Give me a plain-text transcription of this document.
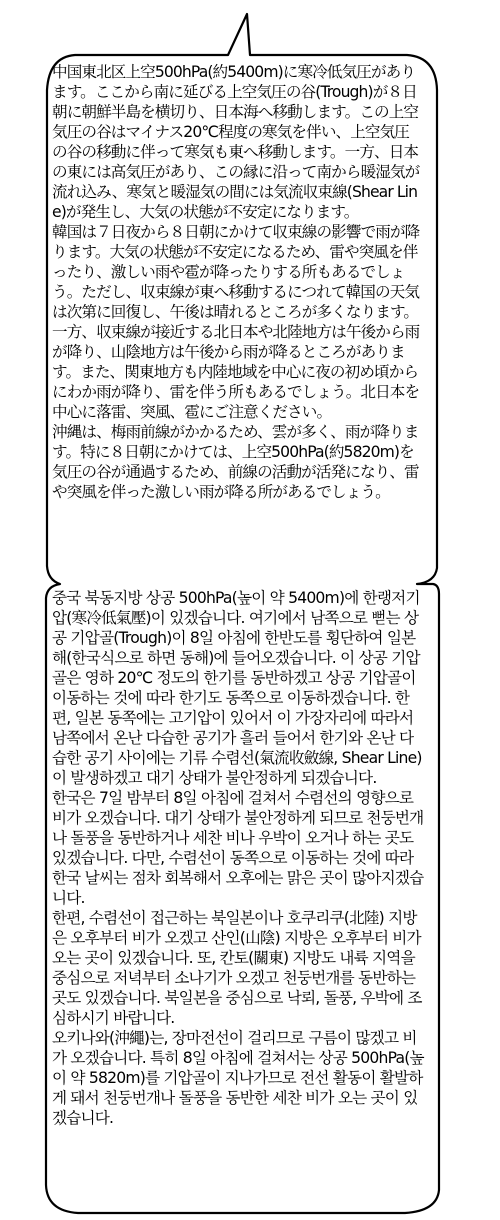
中国東北区上空500hPa(約5400m)に寒冷低気圧があります。ここから南に延びる上空気圧の谷(Trough)が８日朝に朝鮮半島を横切り、日本海へ移動します。この上空気圧の谷はマイナス20℃程度の寒気を伴い、上空気圧の谷の移動に伴って寒気も東へ移動します。一方、日本の東には高気圧があり、この縁に沿って南から暖湿気が流れ込み、寒気と暖湿気の間には気流収束線(Shear Line)が発生し、大気の状態が不安定になります。

韓国は７日夜から８日朝にかけて収束線の影響で雨が降ります。大気の状態が不安定になるため、雷や突風を伴ったり、激しい雨や雹が降ったりする所もあるでしょう。ただし、収束線が東へ移動するにつれて韓国の天気は次第に回復し、午後は晴れるところが多くなります。

一方、収束線が接近する北日本や北陸地方は午後から雨が降り、山陰地方は午後から雨が降るところがあります。また、関東地方も内陸地域を中心に夜の初め頃からにわか雨が降り、雷を伴う所もあるでしょう。北日本を中心に落雷、突風、雹にご注意ください。

沖縄は、梅雨前線がかかるため、雲が多く、雨が降ります。特に８日朝にかけては、上空500hPa(約5820m)を気圧の谷が通過するため、前線の活動が活発になり、雷や突風を伴った激しい雨が降る所があるでしょう。

중국 북동지방 상공 500hPa(높이 약 5400m)에 한랭저기압(寒冷低氣壓)이 있겠습니다. 여기에서 남쪽으로 뻗는 상공 기압골(Trough)이 8일 아침에 한반도를 횡단하여 일본해(한국식으로 하면 동해)에 들어오겠습니다. 이 상공 기압골은 영하 20℃ 정도의 한기를 동반하겠고 상공 기압골이 이동하는 것에 따라 한기도 동쪽으로 이동하겠습니다. 한편, 일본 동쪽에는 고기압이 있어서 이 가장자리에 따라서 남쪽에서 온난 다습한 공기가 흘러 들어서 한기와 온난 다습한 공기 사이에는 기류 수렴선(氣流收斂線, Shear Line)이 발생하겠고 대기 상태가 불안정하게 되겠습니다.

한국은 7일 밤부터 8일 아침에 걸쳐서 수렴선의 영향으로 비가 오겠습니다. 대기 상태가 불안정하게 되므로 천둥번개나 돌풍을 동반하거나 세찬 비나 우박이 오거나 하는 곳도 있겠습니다. 다만, 수렴선이 동쪽으로 이동하는 것에 따라 한국 날씨는 점차 회복해서 오후에는 맑은 곳이 많아지겠습니다.

한편, 수렴선이 접근하는 북일본이나 호쿠리쿠(北陸) 지방은 오후부터 비가 오겠고 산인(山陰) 지방은 오후부터 비가 오는 곳이 있겠습니다. 또, 칸토(關東) 지방도 내륙 지역을 중심으로 저녁부터 소나기가 오겠고 천둥번개를 동반하는 곳도 있겠습니다. 북일본을 중심으로 낙뢰, 돌풍, 우박에 조심하시기 바랍니다.

오키나와(沖繩)는, 장마전선이 걸리므로 구름이 많겠고 비가 오겠습니다. 특히 8일 아침에 걸쳐서는 상공 500hPa(높이 약 5820m)를 기압골이 지나가므로 전선 활동이 활발하게 돼서 천둥번개나 돌풍을 동반한 세찬 비가 오는 곳이 있겠습니다.
